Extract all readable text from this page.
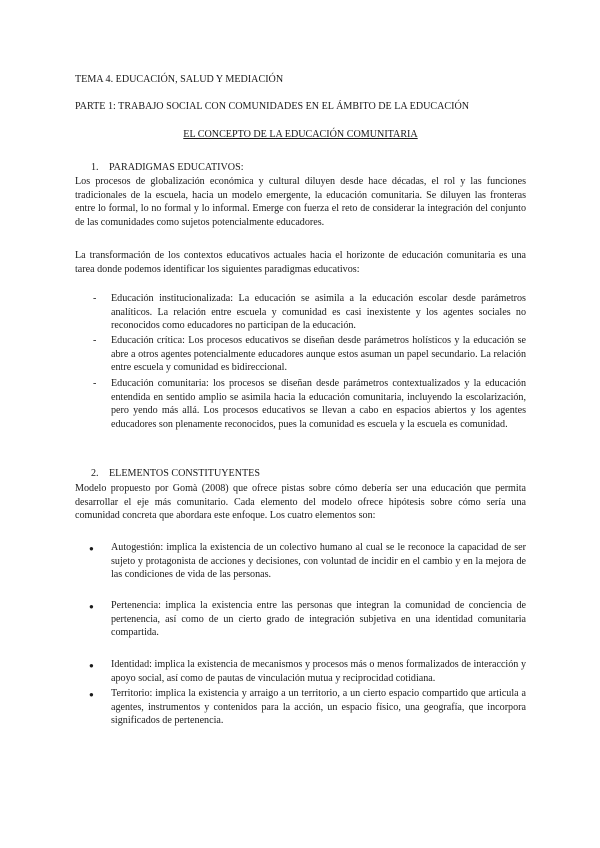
TEMA 4. EDUCACIÓN, SALUD Y MEDIACIÓN
PARTE 1: TRABAJO SOCIAL CON COMUNIDADES EN EL ÁMBITO DE LA EDUCACIÓN
EL CONCEPTO DE LA EDUCACIÓN COMUNITARIA
1. PARADIGMAS EDUCATIVOS:
Los procesos de globalización económica y cultural diluyen desde hace décadas, el rol y las funciones tradicionales de la escuela, hacia un modelo emergente, la educación comunitaria. Se diluyen las fronteras entre lo formal, lo no formal y lo informal. Emerge con fuerza el reto de considerar la integración del conjunto de las comunidades como sujetos potencialmente educadores.
La transformación de los contextos educativos actuales hacia el horizonte de educación comunitaria es una tarea donde podemos identificar los siguientes paradigmas educativos:
- Educación institucionalizada: La educación se asimila a la educación escolar desde parámetros analíticos. La relación entre escuela y comunidad es casi inexistente y los agentes sociales no reconocidos como educadores no participan de la educación.
- Educación crítica: Los procesos educativos se diseñan desde parámetros holísticos y la educación se abre a otros agentes potencialmente educadores aunque estos asuman un papel secundario. La relación entre escuela y comunidad es bidireccional.
- Educación comunitaria: los procesos se diseñan desde parámetros contextualizados y la educación entendida en sentido amplio se asimila hacia la educación comunitaria, incluyendo la escolarización, pero yendo más allá. Los procesos educativos se llevan a cabo en espacios abiertos y los agentes educadores son plenamente reconocidos, pues la comunidad es escuela y la escuela es comunidad.
2. ELEMENTOS CONSTITUYENTES
Modelo propuesto por Gomà (2008) que ofrece pistas sobre cómo debería ser una educación que permita desarrollar el eje más comunitario. Cada elemento del modelo ofrece hipótesis sobre cómo sería una comunidad concreta que abordara este enfoque. Los cuatro elementos son:
● Autogestión: implica la existencia de un colectivo humano al cual se le reconoce la capacidad de ser sujeto y protagonista de acciones y decisiones, con voluntad de incidir en el cambio y en la mejora de las condiciones de vida de las personas.
● Pertenencia: implica la existencia entre las personas que integran la comunidad de conciencia de pertenencia, así como de un cierto grado de integración subjetiva en una identidad comunitaria compartida.
● Identidad: implica la existencia de mecanismos y procesos más o menos formalizados de interacción y apoyo social, así como de pautas de vinculación mutua y reciprocidad cotidiana.
● Territorio: implica la existencia y arraigo a un territorio, a un cierto espacio compartido que articula a agentes, instrumentos y contenidos para la acción, un espacio físico, una geografía, que incorpora significados de pertenencia.
